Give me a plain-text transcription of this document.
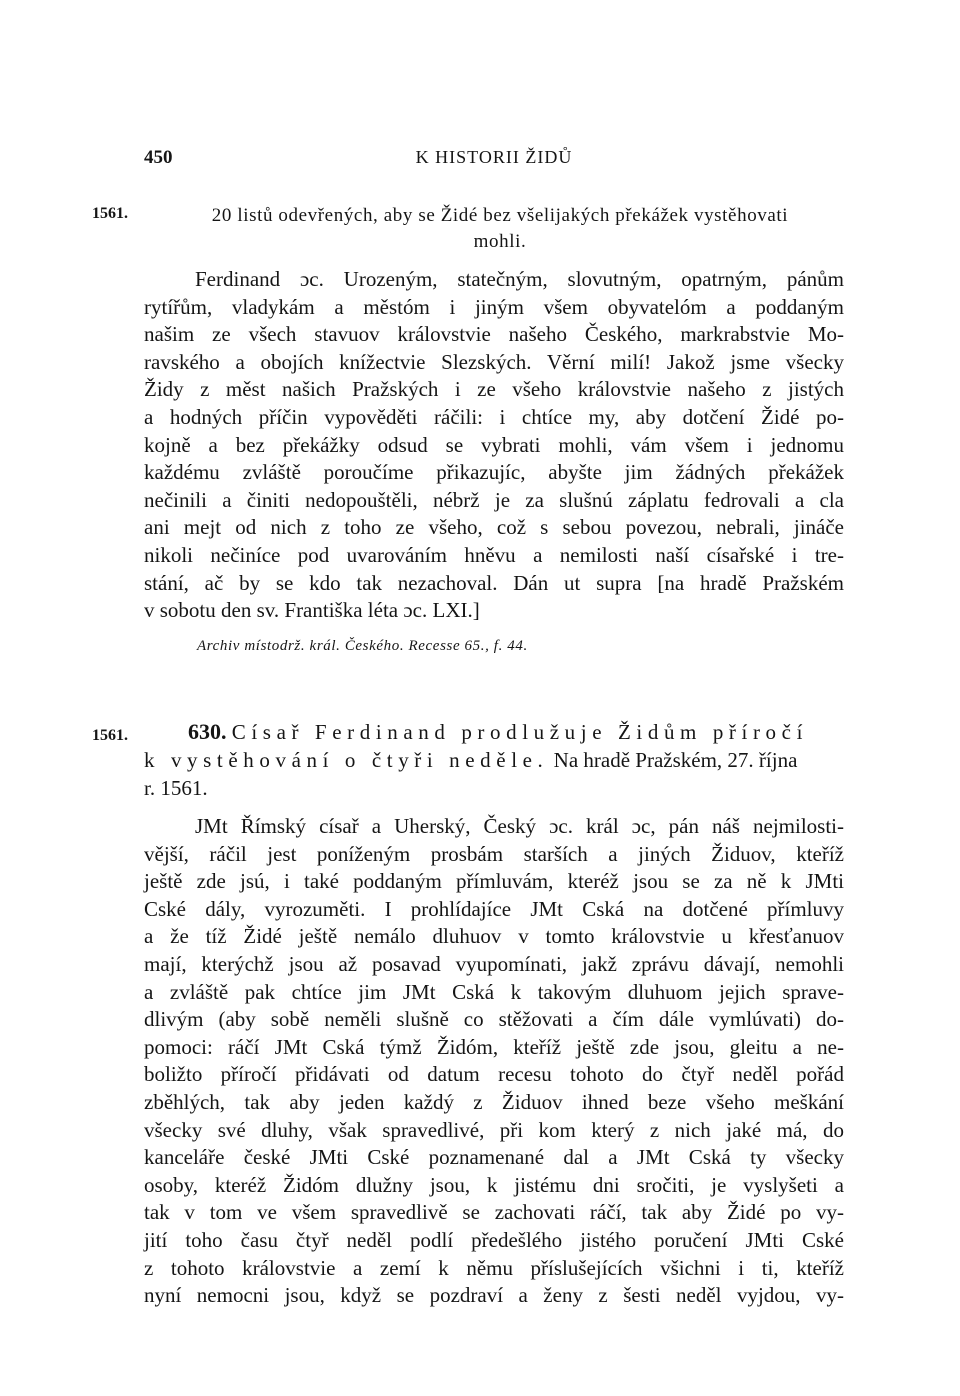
450	K HISTORII ŽIDŮ
1561.	20 listů odevřených, aby se Židé bez všelijakých překážek vystěhovati mohli.
Ferdinand ɔc. Urozeným, statečným, slovutným, opatrným, pánům
rytířům, vladykám a městóm i jiným všem obyvatelóm a poddaným
našim ze všech stavuov královstvie našeho Českého, markrabstvie Mo-
ravského a obojích knížectvie Slezských. Věrní milí! Jakož jsme všecky
Židy z měst našich Pražských i ze všeho královstvie našeho z jistých
a hodných příčin vypověděti ráčili: i chtíce my, aby dotčení Židé po-
kojně a bez překážky odsud se vybrati mohli, vám všem i jednomu
každému zvláště poroučíme přikazujíc, abyšte jim žádných překážek
nečinili a činiti nedopouštěli, nébrž je za slušnú záplatu fedrovali a cla
ani mejt od nich z toho ze všeho, což s sebou povezou, nebrali, jináče
nikoli nečiníce pod uvarováním hněvu a nemilosti naší císařské i tre-
stání, ač by se kdo tak nezachoval. Dán ut supra [na hradě Pražském
v sobotu den sv. Františka léta ɔc. LXI.]
Archiv místodrž. král. Českého. Recesse 65., f. 44.
1561.	630. Císař Ferdinand prodlužuje Židům příročí
k vystěhování o čtyři neděle. Na hradě Pražském, 27. října
r. 1561.
JMt Římský císař a Uherský, Český ɔc. král ɔc, pán náš nejmilosti-
vější, ráčil jest poníženým prosbám starších a jiných Židuov, kteříž
ještě zde jsú, i také poddaným přímluvám, kteréž jsou se za ně k JMti
Cské dály, vyrozuměti. I prohlídajíce JMt Cská na dotčené přímluvy
a že tíž Židé ještě nemálo dluhuov v tomto královstvie u křesťanuov
mají, kterýchž jsou až posavad vyupomínati, jakž zprávu dávají, nemohli
a zvláště pak chtíce jim JMt Cská k takovým dluhuom jejich spravе-
dlivým (aby sobě neměli slušně co stěžovati a čím dále vymlúvati) do-
pomoci: ráčí JMt Cská týmž Židóm, kteříž ještě zde jsou, gleitu a ne-
boližto příročí přidávati od datum recesu tohoto do čtyř neděl pořád
zběhlých, tak aby jeden každý z Židuov ihned beze všeho meškání
všecky své dluhy, však spravedlivé, při kom který z nich jaké má, do
kanceláře české JMti Cské poznamenané dal a JMt Cská ty všecky
osoby, kteréž Židóm dlužny jsou, k jistému dni sročiti, je vyslyšeti a
tak v tom ve všem spravedlivě se zachovati ráčí, tak aby Židé po vy-
jití toho času čtyř neděl podlí předešlého jistého poručení JMti Cské
z tohoto královstvie a zemí k němu příslušejících všichni i ti, kteříž
nyní nemocni jsou, když se pozdraví a ženy z šesti neděl vyjdou, vy-
